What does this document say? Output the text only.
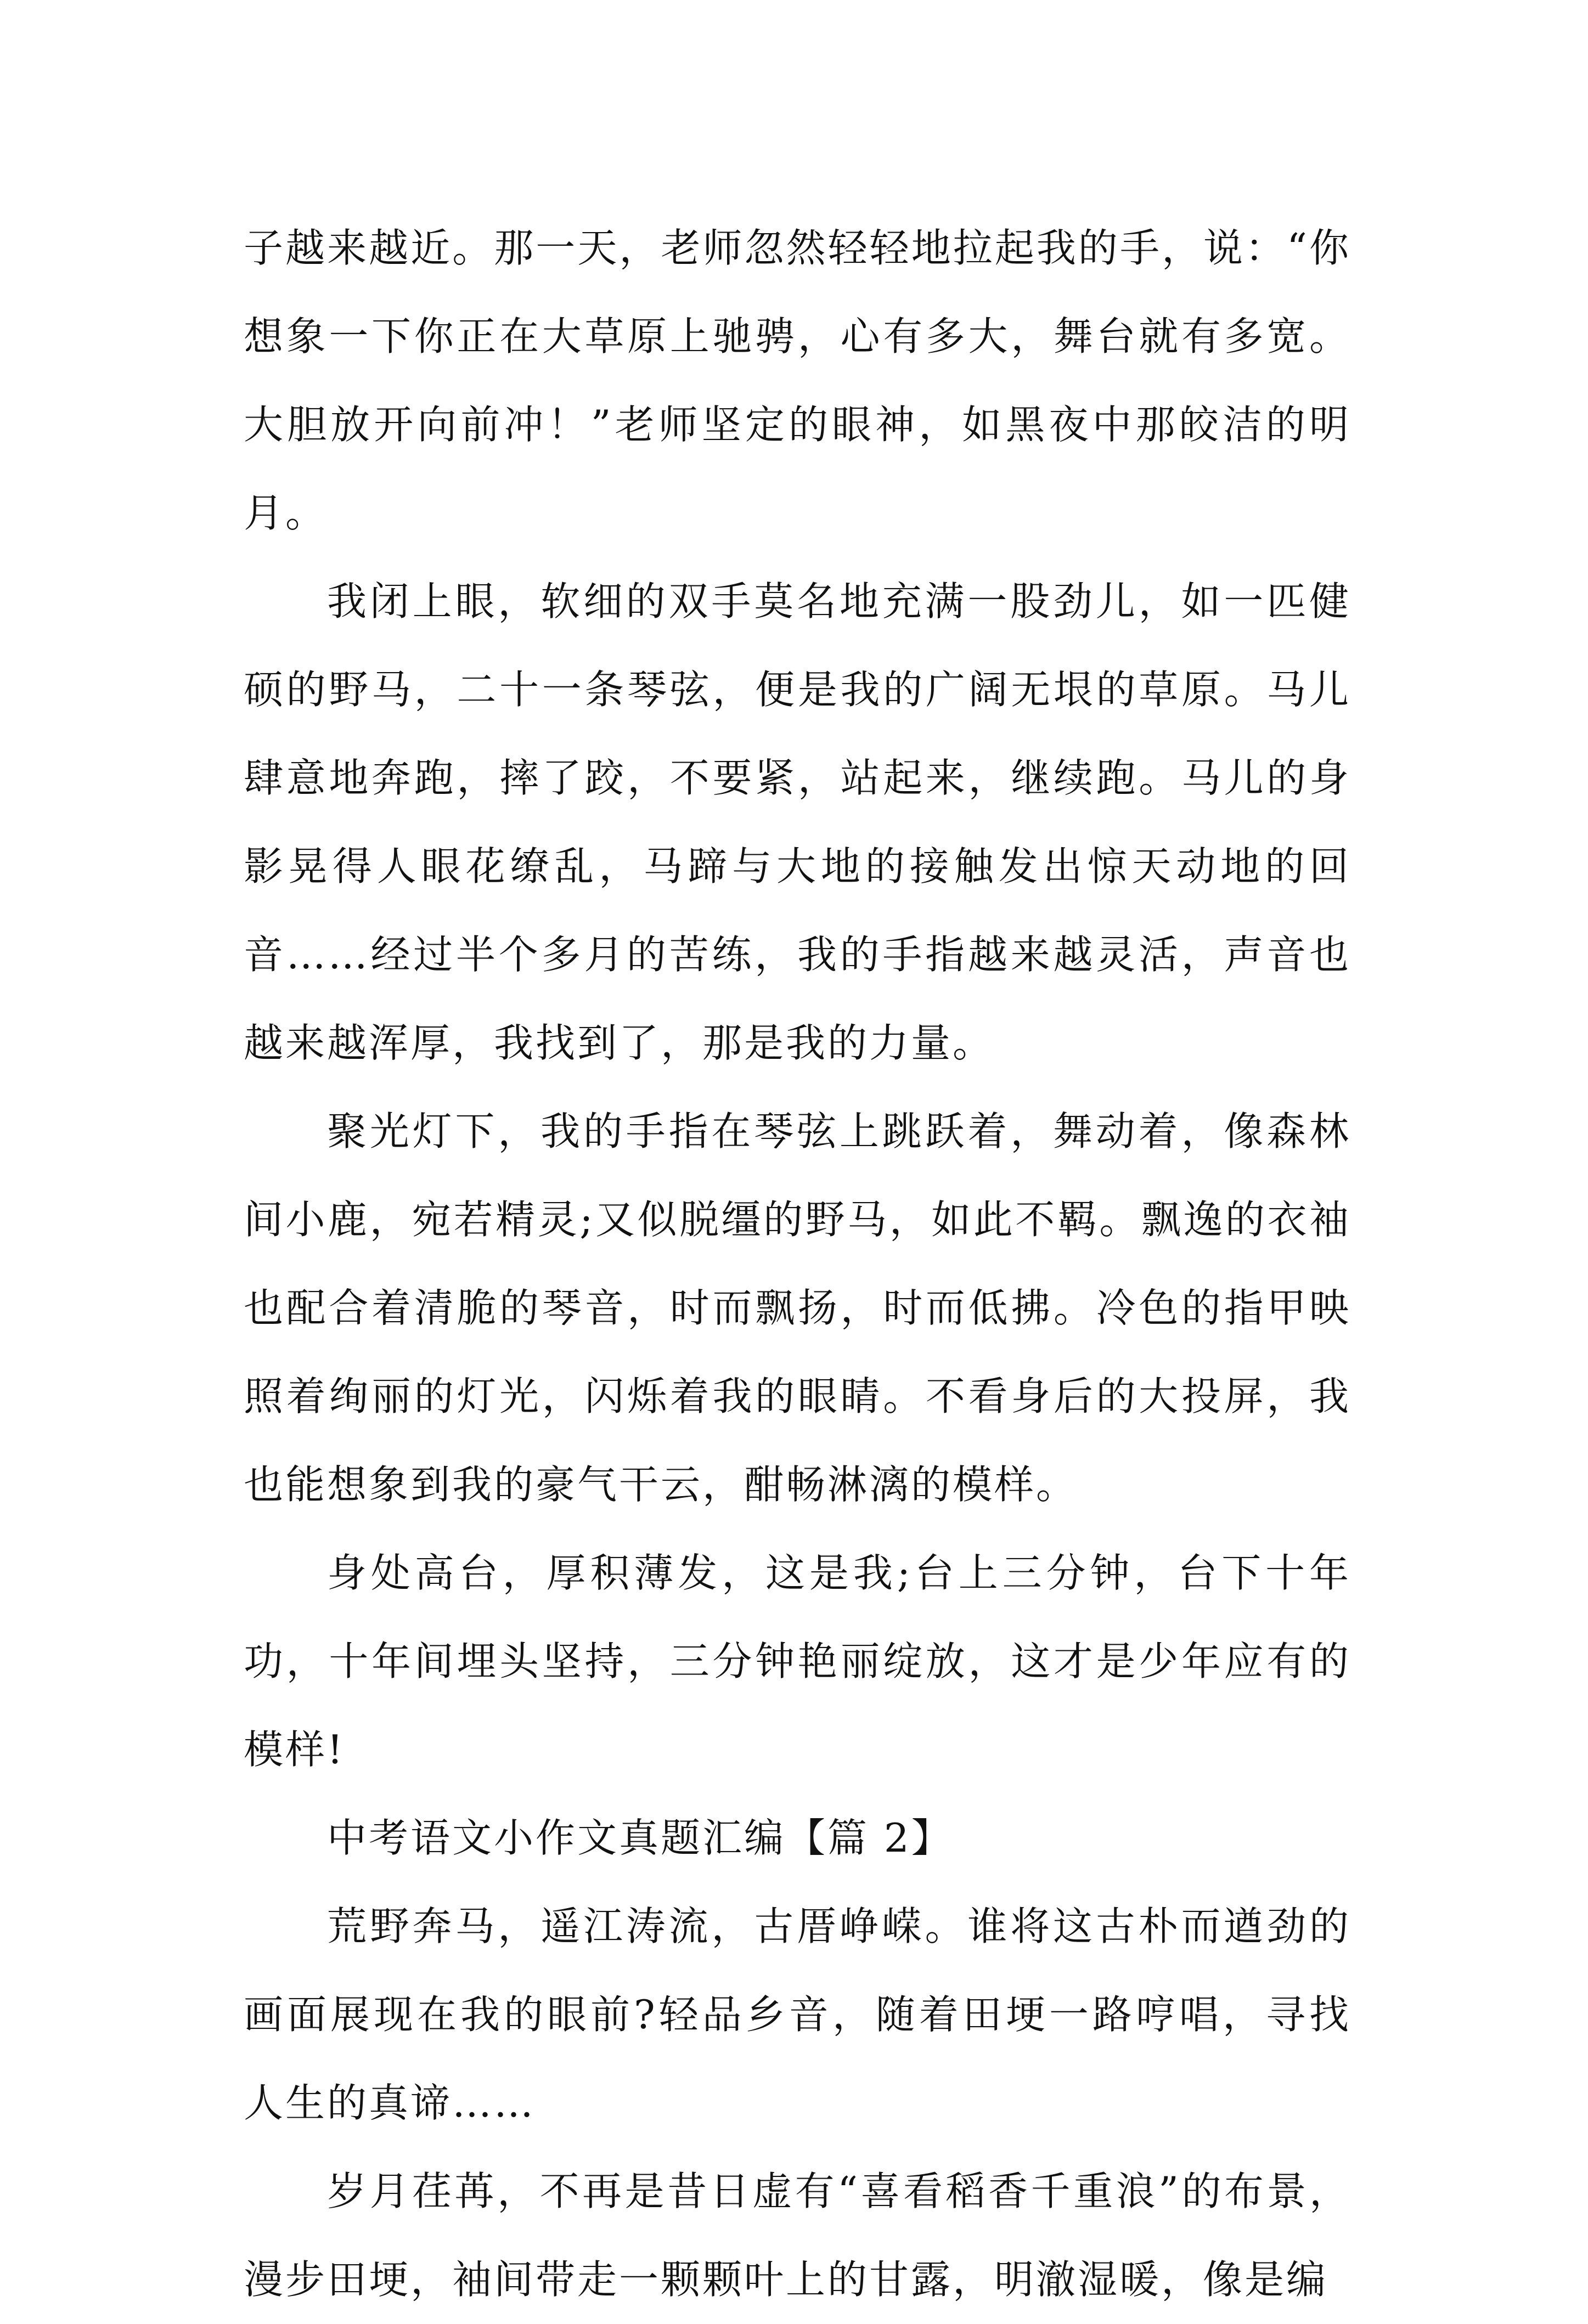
子越来越近。那一天，老师忽然轻轻地拉起我的手，说：“你想象一下你正在大草原上驰骋，心有多大，舞台就有多宽。大胆放开向前冲！”老师坚定的眼神，如黑夜中那皎洁的明月。

我闭上眼，软细的双手莫名地充满一股劲儿，如一匹健硕的野马，二十一条琴弦，便是我的广阔无垠的草原。马儿肆意地奔跑，摔了跤，不要紧，站起来，继续跑。马儿的身影晃得人眼花缭乱，马蹄与大地的接触发出惊天动地的回音……经过半个多月的苦练，我的手指越来越灵活，声音也越来越浑厚，我找到了，那是我的力量。

聚光灯下，我的手指在琴弦上跳跃着，舞动着，像森林间小鹿，宛若精灵;又似脱缰的野马，如此不羁。飘逸的衣袖也配合着清脆的琴音，时而飘扬，时而低拂。冷色的指甲映照着绚丽的灯光，闪烁着我的眼睛。不看身后的大投屏，我也能想象到我的豪气干云，酣畅淋漓的模样。

身处高台，厚积薄发，这是我;台上三分钟，台下十年功，十年间埋头坚持，三分钟艳丽绽放，这才是少年应有的模样!

中考语文小作文真题汇编【篇 2】

荒野奔马，遥江涛流，古厝峥嵘。谁将这古朴而遒劲的画面展现在我的眼前?轻品乡音，随着田埂一路哼唱，寻找人生的真谛……

岁月荏苒，不再是昔日虚有“喜看稻香千重浪”的布景，漫步田埂，袖间带走一颗颗叶上的甘露，明澈湿暖，像是编
